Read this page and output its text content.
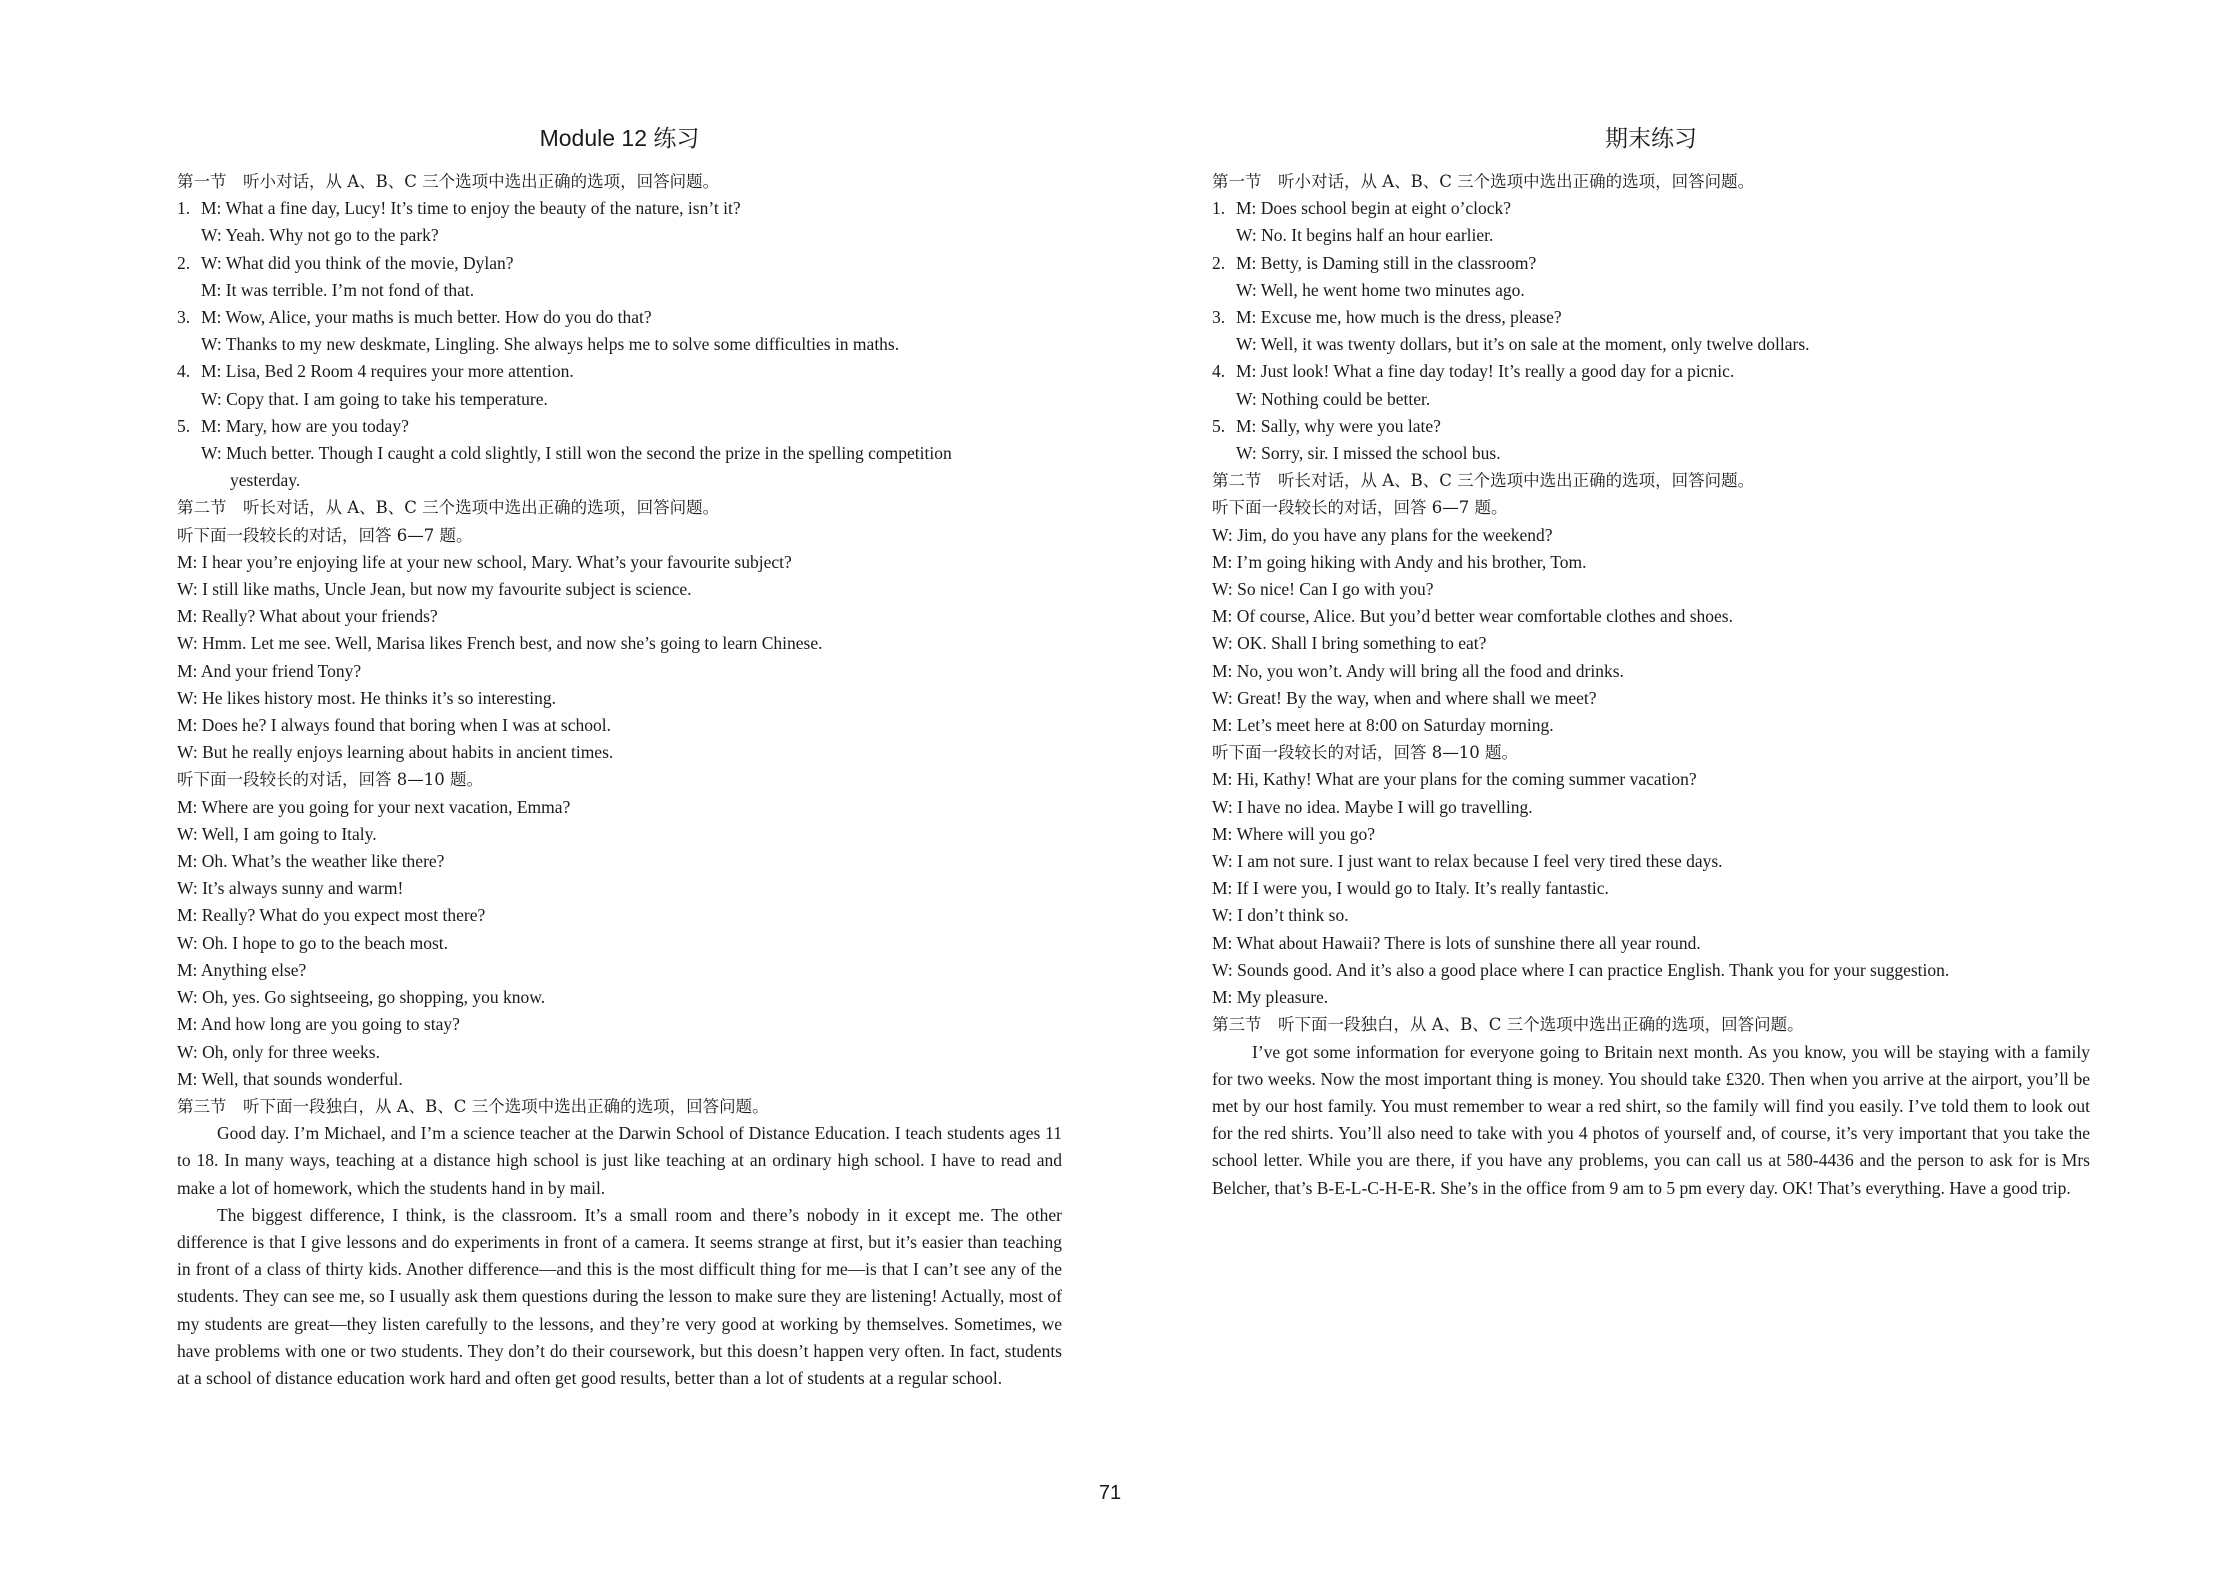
Module 12 练习
第一节　听小对话，从 A、B、C 三个选项中选出正确的选项，回答问题。
1. M: What a fine day, Lucy! It’s time to enjoy the beauty of the nature, isn’t it?
W: Yeah. Why not go to the park?
2. W: What did you think of the movie, Dylan?
M: It was terrible. I’m not fond of that.
3. M: Wow, Alice, your maths is much better. How do you do that?
W: Thanks to my new deskmate, Lingling. She always helps me to solve some difficulties in maths.
4. M: Lisa, Bed 2 Room 4 requires your more attention.
W: Copy that. I am going to take his temperature.
5. M: Mary, how are you today?
W: Much better. Though I caught a cold slightly, I still won the second the prize in the spelling competition
yesterday.
第二节　听长对话，从 A、B、C 三个选项中选出正确的选项，回答问题。
听下面一段较长的对话，回答 6—7 题。
M: I hear you’re enjoying life at your new school, Mary. What’s your favourite subject?
W: I still like maths, Uncle Jean, but now my favourite subject is science.
M: Really? What about your friends?
W: Hmm. Let me see. Well, Marisa likes French best, and now she’s going to learn Chinese.
M: And your friend Tony?
W: He likes history most. He thinks it’s so interesting.
M: Does he? I always found that boring when I was at school.
W: But he really enjoys learning about habits in ancient times.
听下面一段较长的对话，回答 8—10 题。
M: Where are you going for your next vacation, Emma?
W: Well, I am going to Italy.
M: Oh. What’s the weather like there?
W: It’s always sunny and warm!
M: Really? What do you expect most there?
W: Oh. I hope to go to the beach most.
M: Anything else?
W: Oh, yes. Go sightseeing, go shopping, you know.
M: And how long are you going to stay?
W: Oh, only for three weeks.
M: Well, that sounds wonderful.
第三节　听下面一段独白，从 A、B、C 三个选项中选出正确的选项，回答问题。

Good day. I’m Michael, and I’m a science teacher at the Darwin School of Distance Education. I teach students ages 11 to 18. In many ways, teaching at a distance high school is just like teaching at an ordinary high school. I have to read and make a lot of homework, which the students hand in by mail.

The biggest difference, I think, is the classroom. It’s a small room and there’s nobody in it except me. The other difference is that I give lessons and do experiments in front of a camera. It seems strange at first, but it’s easier than teaching in front of a class of thirty kids. Another difference—and this is the most difficult thing for me—is that I can’t see any of the students. They can see me, so I usually ask them questions during the lesson to make sure they are listening! Actually, most of my students are great—they listen carefully to the lessons, and they’re very good at working by themselves. Sometimes, we have problems with one or two students. They don’t do their coursework, but this doesn’t happen very often. In fact, students at a school of distance education work hard and often get good results, better than a lot of students at a regular school.

期末练习
第一节　听小对话，从 A、B、C 三个选项中选出正确的选项，回答问题。
1. M: Does school begin at eight o’clock?
W: No. It begins half an hour earlier.
2. M: Betty, is Daming still in the classroom?
W: Well, he went home two minutes ago.
3. M: Excuse me, how much is the dress, please?
W: Well, it was twenty dollars, but it’s on sale at the moment, only twelve dollars.
4. M: Just look! What a fine day today! It’s really a good day for a picnic.
W: Nothing could be better.
5. M: Sally, why were you late?
W: Sorry, sir. I missed the school bus.
第二节　听长对话，从 A、B、C 三个选项中选出正确的选项，回答问题。
听下面一段较长的对话，回答 6—7 题。
W: Jim, do you have any plans for the weekend?
M: I’m going hiking with Andy and his brother, Tom.
W: So nice! Can I go with you?
M: Of course, Alice. But you’d better wear comfortable clothes and shoes.
W: OK. Shall I bring something to eat?
M: No, you won’t. Andy will bring all the food and drinks.
W: Great! By the way, when and where shall we meet?
M: Let’s meet here at 8:00 on Saturday morning.
听下面一段较长的对话，回答 8—10 题。
M: Hi, Kathy! What are your plans for the coming summer vacation?
W: I have no idea. Maybe I will go travelling.
M: Where will you go?
W: I am not sure. I just want to relax because I feel very tired these days.
M: If I were you, I would go to Italy. It’s really fantastic.
W: I don’t think so.
M: What about Hawaii? There is lots of sunshine there all year round.
W: Sounds good. And it’s also a good place where I can practice English. Thank you for your suggestion.
M: My pleasure.
第三节　听下面一段独白，从 A、B、C 三个选项中选出正确的选项，回答问题。

I’ve got some information for everyone going to Britain next month. As you know, you will be staying with a family for two weeks. Now the most important thing is money. You should take £320. Then when you arrive at the airport, you’ll be met by our host family. You must remember to wear a red shirt, so the family will find you easily. I’ve told them to look out for the red shirts. You’ll also need to take with you 4 photos of yourself and, of course, it’s very important that you take the school letter. While you are there, if you have any problems, you can call us at 580-4436 and the person to ask for is Mrs Belcher, that’s B-E-L-C-H-E-R. She’s in the office from 9 am to 5 pm every day. OK! That’s everything. Have a good trip.

71
